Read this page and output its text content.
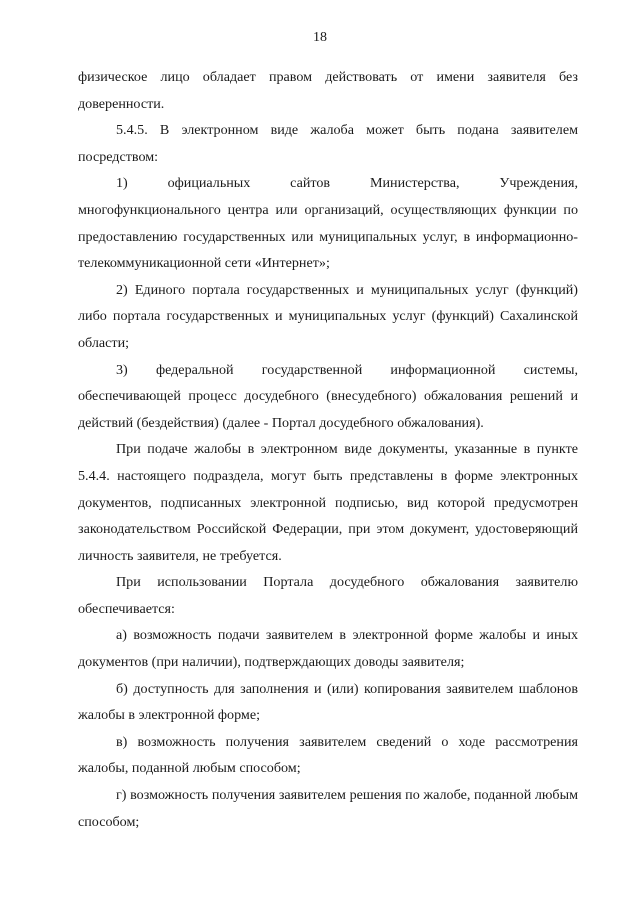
18

физическое лицо обладает правом действовать от имени заявителя без доверенности.

5.4.5. В электронном виде жалоба может быть подана заявителем посредством:

1) официальных сайтов Министерства, Учреждения, многофункционального центра или организаций, осуществляющих функции по предоставлению государственных или муниципальных услуг, в информационно-телекоммуникационной сети «Интернет»;

2) Единого портала государственных и муниципальных услуг (функций) либо портала государственных и муниципальных услуг (функций) Сахалинской области;

3) федеральной государственной информационной системы, обеспечивающей процесс досудебного (внесудебного) обжалования решений и действий (бездействия) (далее - Портал досудебного обжалования).

При подаче жалобы в электронном виде документы, указанные в пункте 5.4.4. настоящего подраздела, могут быть представлены в форме электронных документов, подписанных электронной подписью, вид которой предусмотрен законодательством Российской Федерации, при этом документ, удостоверяющий личность заявителя, не требуется.

При использовании Портала досудебного обжалования заявителю обеспечивается:

а) возможность подачи заявителем в электронной форме жалобы и иных документов (при наличии), подтверждающих доводы заявителя;

б) доступность для заполнения и (или) копирования заявителем шаблонов жалобы в электронной форме;

в) возможность получения заявителем сведений о ходе рассмотрения жалобы, поданной любым способом;

г) возможность получения заявителем решения по жалобе, поданной любым способом;
